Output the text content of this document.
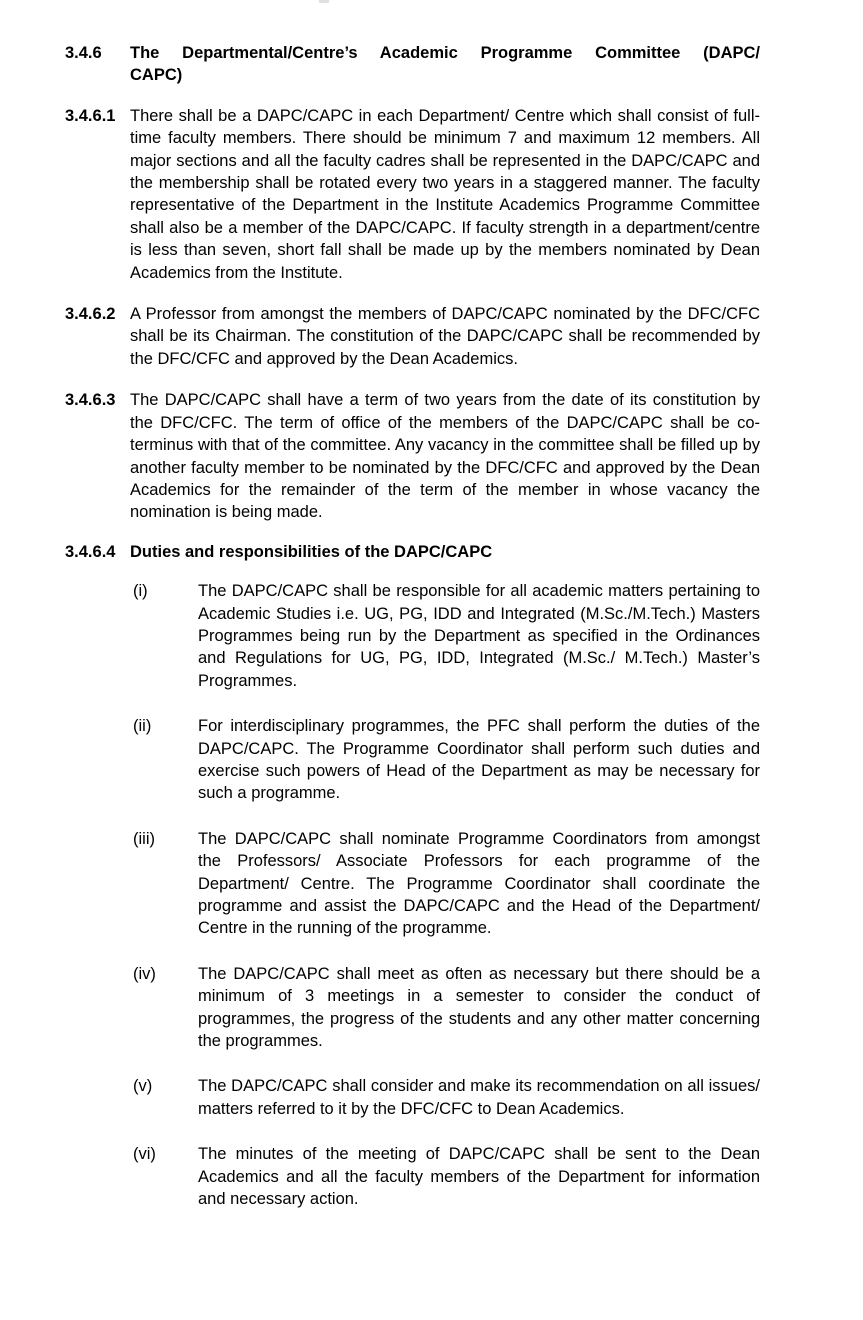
3.4.6	The Departmental/Centre’s Academic Programme Committee (DAPC/
CAPC)
3.4.6.1 There shall be a DAPC/CAPC in each Department/ Centre which shall consist of full-time faculty members. There should be minimum 7 and maximum 12 members. All major sections and all the faculty cadres shall be represented in the DAPC/CAPC and the membership shall be rotated every two years in a staggered manner. The faculty representative of the Department in the Institute Academics Programme Committee shall also be a member of the DAPC/CAPC. If faculty strength in a department/centre is less than seven, short fall shall be made up by the members nominated by Dean Academics from the Institute.
3.4.6.2 A Professor from amongst the members of DAPC/CAPC nominated by the DFC/CFC shall be its Chairman. The constitution of the DAPC/CAPC shall be recommended by the DFC/CFC and approved by the Dean Academics.
3.4.6.3 The DAPC/CAPC shall have a term of two years from the date of its constitution by the DFC/CFC. The term of office of the members of the DAPC/CAPC shall be co-terminus with that of the committee. Any vacancy in the committee shall be filled up by another faculty member to be nominated by the DFC/​CFC and approved by the Dean Academics for the remainder of the term of the member in whose vacancy the nomination is being made.
3.4.6.4 Duties and responsibilities of the DAPC/CAPC
(i)	The DAPC/CAPC shall be responsible for all academic matters pertaining to Academic Studies i.e. UG, PG, IDD and Integrated (M.Sc./M.Tech.) Masters Programmes being run by the Department as specified in the Ordinances and Regulations for UG, PG, IDD, Integrated (M.Sc./ M.Tech.) Master’s Programmes.
(ii)	For interdisciplinary programmes, the PFC shall perform the duties of the DAPC/CAPC. The Programme Coordinator shall perform such duties and exercise such powers of Head of the Department as may be necessary for such a programme.
(iii)	The DAPC/CAPC shall nominate Programme Coordinators from amongst the Professors/ Associate Professors for each programme of the Department/ Centre. The Programme Coordinator shall coordinate the programme and assist the DAPC/CAPC and the Head of the Department/ Centre in the running of the programme.
(iv)	The DAPC/CAPC shall meet as often as necessary but there should be a minimum of 3 meetings in a semester to consider the conduct of programmes, the progress of the students and any other matter concerning the programmes.
(v)	The DAPC/CAPC shall consider and make its recommendation on all issues/ matters referred to it by the DFC/CFC to Dean Academics.
(vi)	The minutes of the meeting of DAPC/CAPC shall be sent to the Dean Academics and all the faculty members of the Department for information and necessary action.
